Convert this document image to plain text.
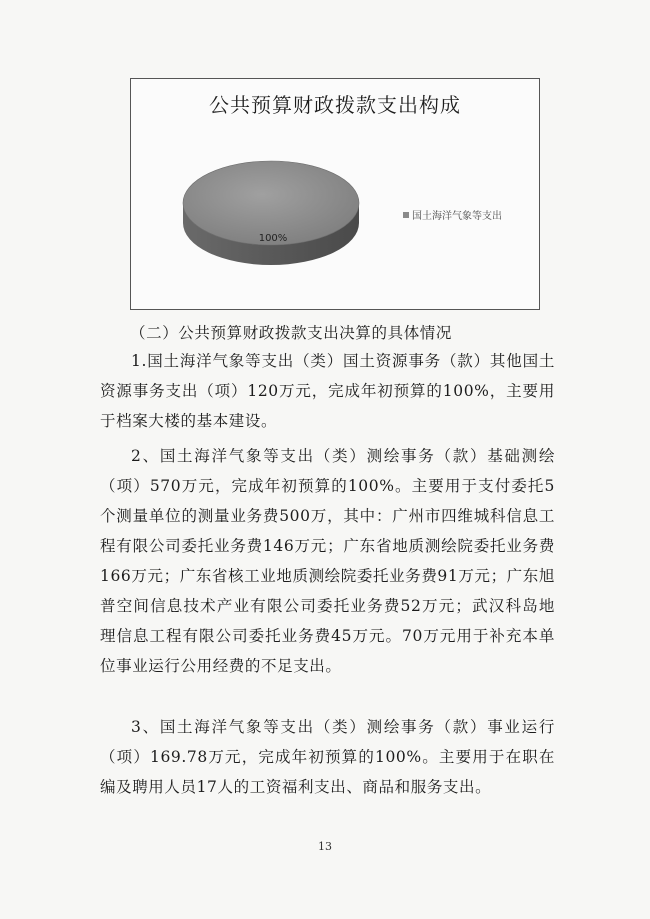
100%
公共预算财政拨款支出构成
国土海洋气象等支出
（二）公共预算财政拨款支出决算的具体情况
1.国土海洋气象等支出（类）国土资源事务（款）其他国土资源事务支出（项）120万元，完成年初预算的100%，主要用于档案大楼的基本建设。
2、国土海洋气象等支出（类）测绘事务（款）基础测绘（项）570万元，完成年初预算的100%。主要用于支付委托5个测量单位的测量业务费500万，其中：广州市四维城科信息工程有限公司委托业务费146万元；广东省地质测绘院委托业务费166万元；广东省核工业地质测绘院委托业务费91万元；广东旭普空间信息技术产业有限公司委托业务费52万元；武汉科岛地理信息工程有限公司委托业务费45万元。70万元用于补充本单位事业运行公用经费的不足支出。
3、国土海洋气象等支出（类）测绘事务（款）事业运行（项）169.78万元，完成年初预算的100%。主要用于在职在编及聘用人员17人的工资福利支出、商品和服务支出。
13
